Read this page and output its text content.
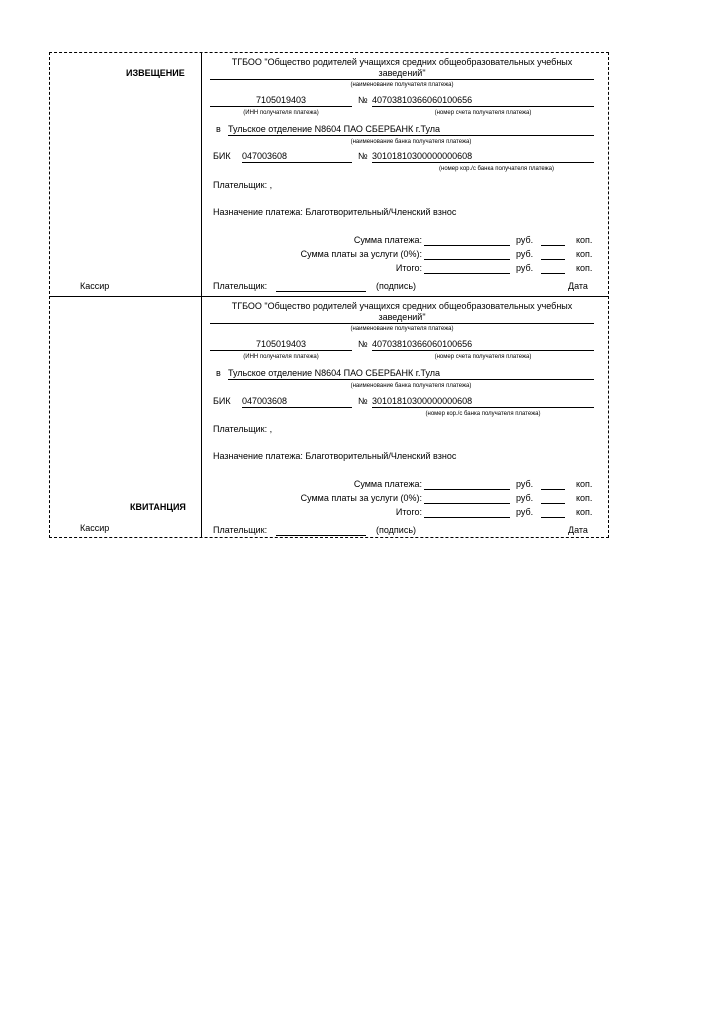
ИЗВЕЩЕНИЕ
Кассир
ТГБОО "Общество родителей учащихся средних общеобразовательных учебных заведений"
(наименование получателя платежа)
7105019403	№ 40703810366060100656
(ИНН получателя платежа)	(номер счета получателя платежа)
в Тульское отделение N8604 ПАО СБЕРБАНК г.Тула
(наименование банка получателя платежа)
БИК 047003608	№ 30101810300000000608
(номер кор./с банка получателя платежа)
Плательщик: ,
Назначение платежа: Благотворительный/Членский взнос
Сумма платежа:	руб.	коп.
Сумма платы за услуги (0%):	руб.	коп.
Итого:	руб.	коп.
Плательщик:	(подпись)	Дата
КВИТАНЦИЯ
Кассир
ТГБОО "Общество родителей учащихся средних общеобразовательных учебных заведений"
(наименование получателя платежа)
7105019403	№ 40703810366060100656
(ИНН получателя платежа)	(номер счета получателя платежа)
в Тульское отделение N8604 ПАО СБЕРБАНК г.Тула
(наименование банка получателя платежа)
БИК 047003608	№ 30101810300000000608
(номер кор./с банка получателя платежа)
Плательщик: ,
Назначение платежа: Благотворительный/Членский взнос
Сумма платежа:	руб.	коп.
Сумма платы за услуги (0%):	руб.	коп.
Итого:	руб.	коп.
Плательщик:	(подпись)	Дата
